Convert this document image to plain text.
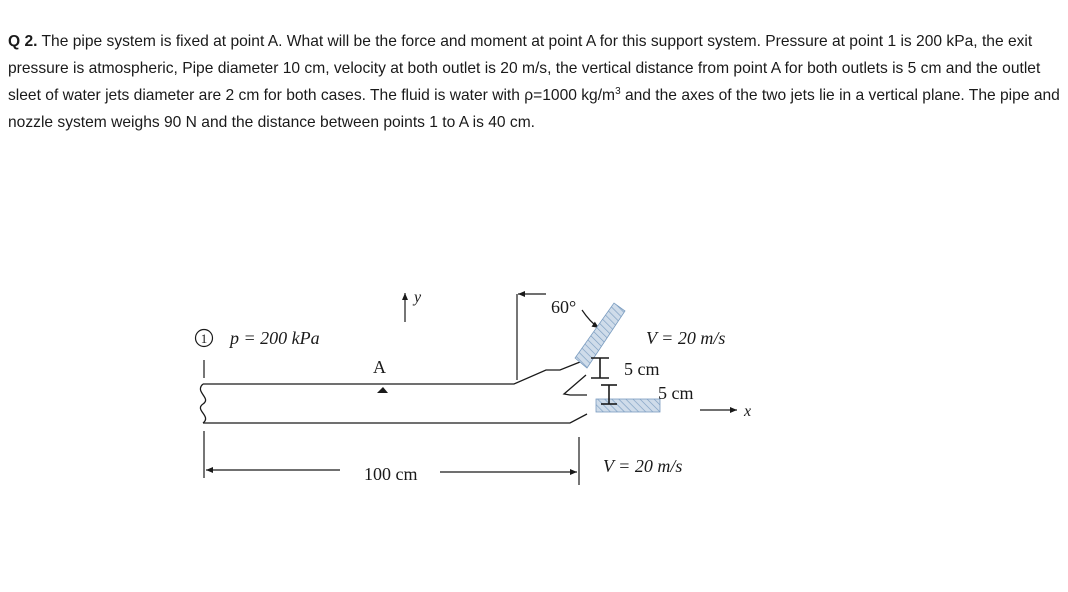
Q 2. The pipe system is fixed at point A. What will be the force and moment at point A for this support system. Pressure at point 1 is 200 kPa, the exit pressure is atmospheric, Pipe diameter 10 cm, velocity at both outlet is 20 m/s, the vertical distance from point A for both outlets is 5 cm and the outlet sleet of water jets diameter are 2 cm for both cases. The fluid is water with ρ=1000 $kg/m^3$ and the axes of the two jets lie in a vertical plane. The pipe and nozzle system weighs 90 N and the distance between points 1 to A is 40 cm.

1 p = 200 kPa
A
y	60°
5 cm
5 cm
V = 20 m/s
V = 20 m/s
x
100 cm
